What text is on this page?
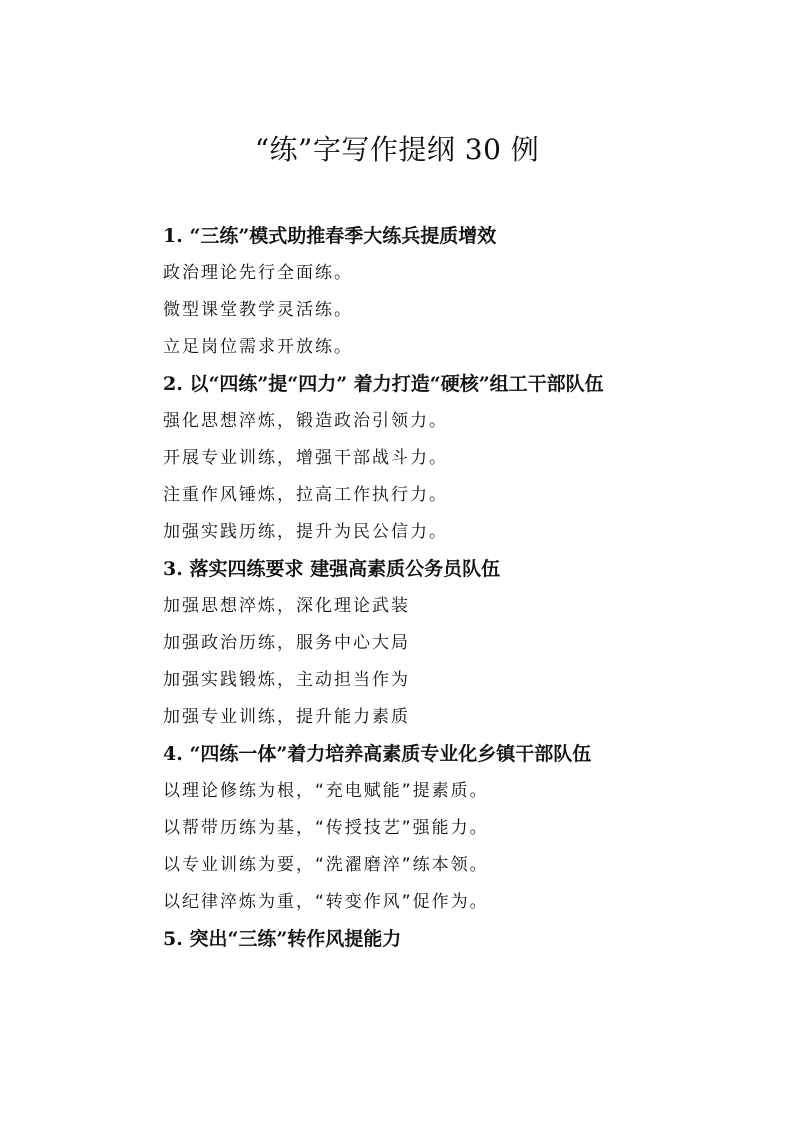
“练”字写作提纲 30 例

1. “三练”模式助推春季大练兵提质增效

政治理论先行全面练。

微型课堂教学灵活练。

立足岗位需求开放练。

2. 以“四练”提“四力” 着力打造“硬核”组工干部队伍

强化思想淬炼，锻造政治引领力。

开展专业训练，增强干部战斗力。

注重作风锤炼，拉高工作执行力。

加强实践历练，提升为民公信力。

3. 落实四练要求 建强高素质公务员队伍

加强思想淬炼，深化理论武装

加强政治历练，服务中心大局

加强实践锻炼，主动担当作为

加强专业训练，提升能力素质

4. “四练一体”着力培养高素质专业化乡镇干部队伍

以理论修练为根，“充电赋能”提素质。

以帮带历练为基，“传授技艺”强能力。

以专业训练为要，“洗濯磨淬”练本领。

以纪律淬炼为重，“转变作风”促作为。

5. 突出“三练”转作风提能力
